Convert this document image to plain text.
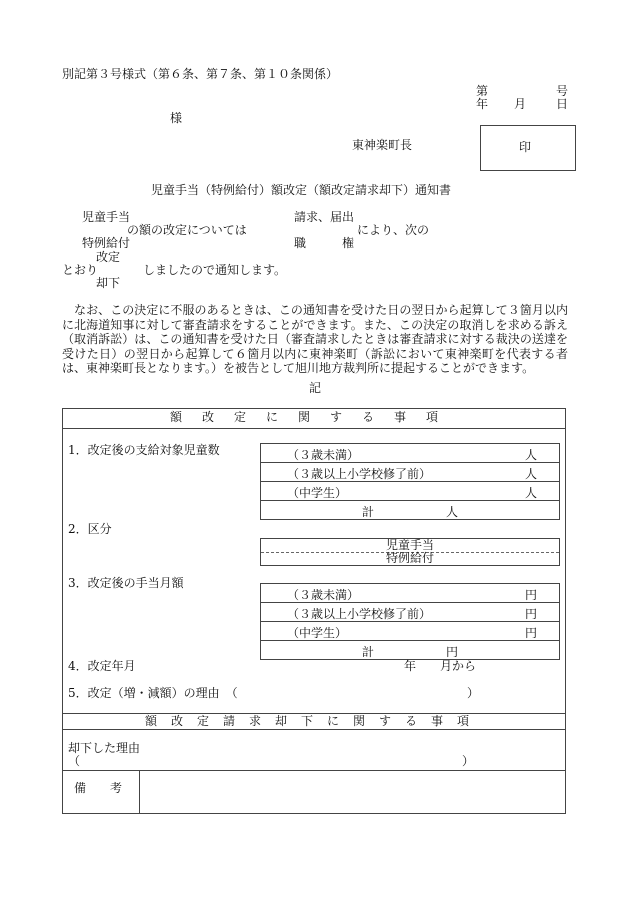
別記第３号様式（第６条、第７条、第１０条関係）
第	号
年 月 日
様
東神楽町長	印
児童手当（特例給付）額改定（額改定請求却下）通知書
児童手当
の額の改定については
特例給付
請求、届出
により、次の
職　　　権
改定
とおり	しましたので通知します。
却下
　なお、この決定に不服のあるときは、この通知書を受けた日の翌日から起算して３箇月以内に北海道知事に対して審査請求をすることができます。また、この決定の取消しを求める訴え（取消訴訟）は、この通知書を受けた日（審査請求したときは審査請求に対する裁決の送達を受けた日）の翌日から起算して６箇月以内に東神楽町（訴訟において東神楽町を代表する者は、東神楽町長となります。）を被告として旭川地方裁判所に提起することができます。
記
額改定に関する事項
1．改定後の支給対象児童数	（３歳未満）	人
（３歳以上小学校修了前）	人
（中学生）	人
計　　　　　　人
2．区分
児童手当
特例給付
3．改定後の手当月額
（３歳未満）	円
（３歳以上小学校修了前）	円
（中学生）	円
計　　　　　　円
4．改定年月	年　　月から
5．改定（増・減額）の理由　（	）
額改定請求却下に関する事項
却下した理由
（	）
備　　考
